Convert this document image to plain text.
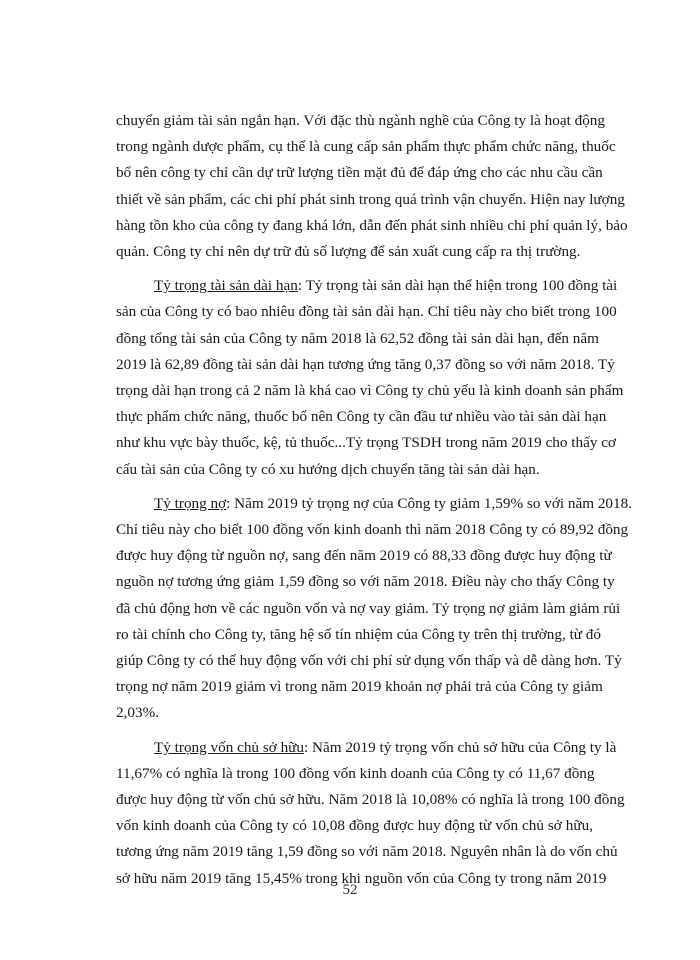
chuyển giảm tài sản ngắn hạn. Với đặc thù ngành nghề của Công ty là hoạt động
trong ngành dược phẩm, cụ thể là cung cấp sản phẩm thực phẩm chức năng, thuốc
bổ nên công ty chỉ cần dự trữ lượng tiền mặt đủ để đáp ứng cho các nhu cầu cần
thiết về sản phẩm, các chi phí phát sinh trong quá trình vận chuyển. Hiện nay lượng
hàng tồn kho của công ty đang khá lớn, dẫn đến phát sinh nhiều chi phí quản lý, bảo
quản. Công ty chỉ nên dự trữ đủ số lượng để sản xuất cung cấp ra thị trường.

Tỷ trọng tài sản dài hạn: Tỷ trọng tài sản dài hạn thể hiện trong 100 đồng tài
sản của Công ty có bao nhiêu đồng tài sản dài hạn. Chỉ tiêu này cho biết trong 100
đồng tổng tài sản của Công ty năm 2018 là 62,52 đồng tài sản dài hạn, đến năm
2019 là 62,89 đồng tài sản dài hạn tương ứng tăng 0,37 đồng so với năm 2018. Tỷ
trọng dài hạn trong cả 2 năm là khá cao vì Công ty chủ yếu là kinh doanh sản phẩm
thực phẩm chức năng, thuốc bổ nên Công ty cần đầu tư nhiều vào tài sản dài hạn
như khu vực bày thuốc, kệ, tủ thuốc...Tỷ trọng TSDH trong năm 2019 cho thấy cơ
cấu tài sản của Công ty có xu hướng dịch chuyển tăng tài sản dài hạn.

Tỷ trọng nợ: Năm 2019 tỷ trọng nợ của Công ty giảm 1,59% so với năm 2018.
Chỉ tiêu này cho biết 100 đồng vốn kinh doanh thì năm 2018 Công ty có 89,92 đồng
được huy động từ nguồn nợ, sang đến năm 2019 có 88,33 đồng được huy động từ
nguồn nợ tương ứng giảm 1,59 đồng so với năm 2018. Điều này cho thấy Công ty
đã chủ động hơn về các nguồn vốn và nợ vay giảm. Tỷ trọng nợ giảm làm giảm rủi
ro tài chính cho Công ty, tăng hệ số tín nhiệm của Công ty trên thị trường, từ đó
giúp Công ty có thể huy động vốn với chi phí sử dụng vốn thấp và dễ dàng hơn. Tỷ
trọng nợ năm 2019 giảm vì trong năm 2019 khoản nợ phải trả của Công ty giảm
2,03%.

Tỷ trọng vốn chủ sở hữu: Năm 2019 tỷ trọng vốn chủ sở hữu của Công ty là
11,67% có nghĩa là trong 100 đồng vốn kinh doanh của Công ty có 11,67 đồng
được huy động từ vốn chủ sở hữu. Năm 2018 là 10,08% có nghĩa là trong 100 đồng
vốn kinh doanh của Công ty có 10,08 đồng được huy động từ vốn chủ sở hữu,
tương ứng năm 2019 tăng 1,59 đồng so với năm 2018. Nguyên nhân là do vốn chủ
sở hữu năm 2019 tăng 15,45% trong khi nguồn vốn của Công ty trong năm 2019

52
